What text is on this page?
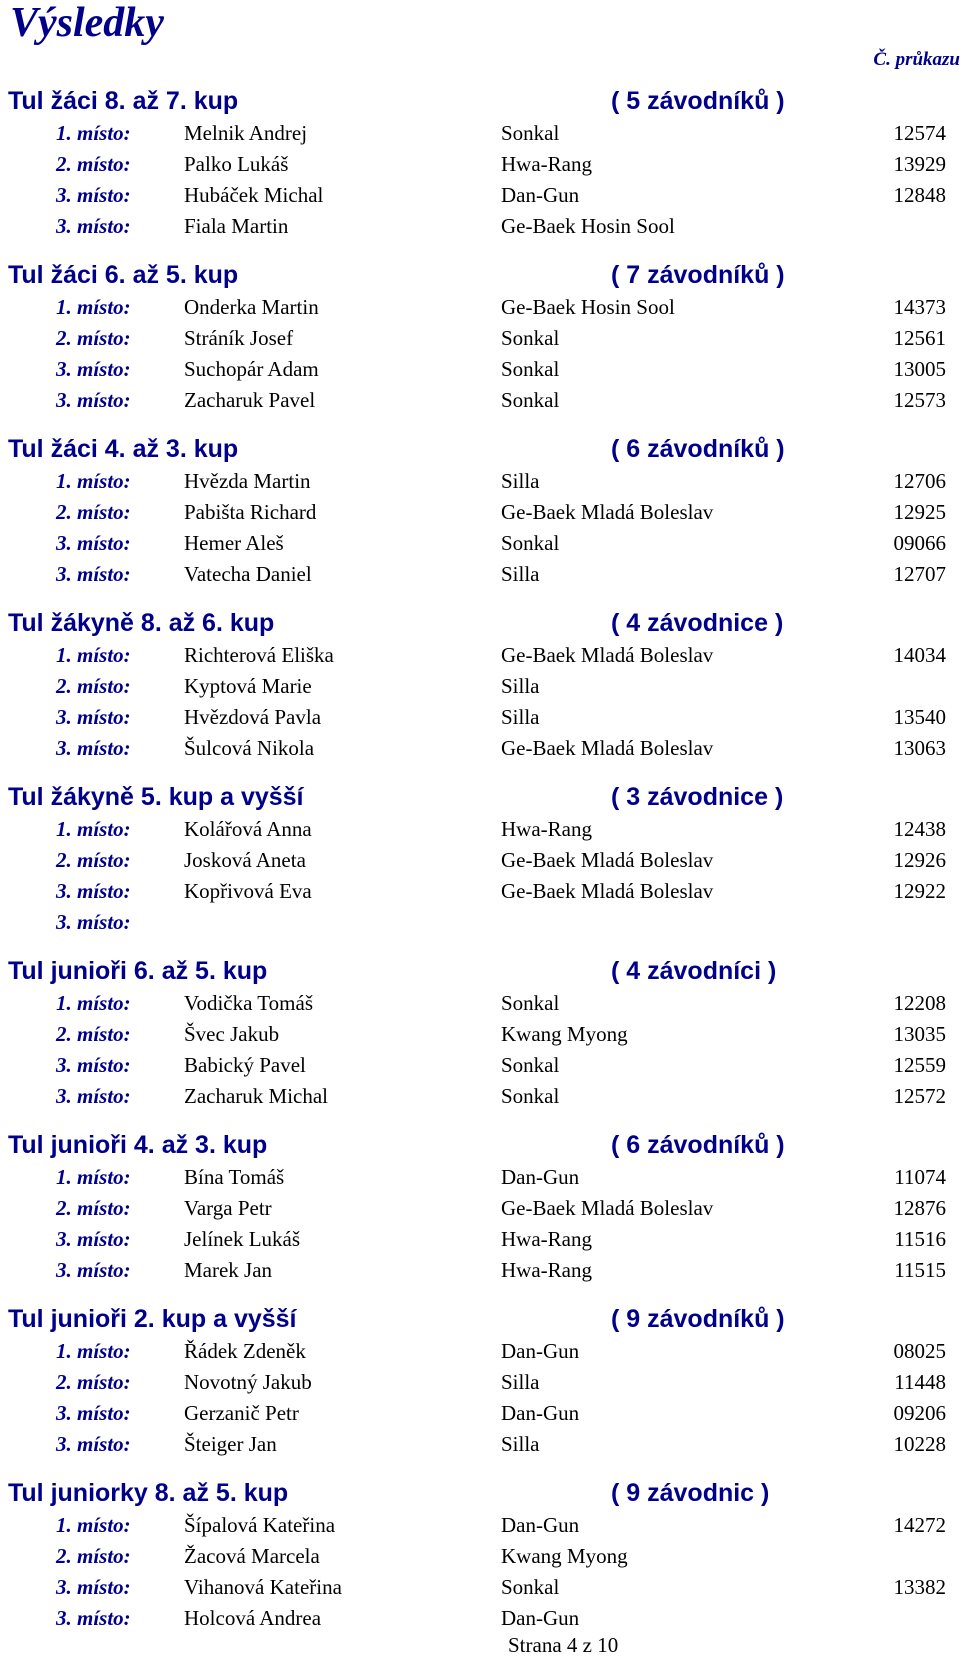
Výsledky
Č. průkazu
Tul žáci 8. až 7. kup	( 5 závodníků )
1. místo:	Melnik Andrej	Sonkal	12574
2. místo:	Palko Lukáš	Hwa-Rang	13929
3. místo:	Hubáček Michal	Dan-Gun	12848
3. místo:	Fiala Martin	Ge-Baek Hosin Sool
Tul žáci 6. až 5. kup	( 7 závodníků )
1. místo:	Onderka Martin	Ge-Baek Hosin Sool	14373
2. místo:	Stráník Josef	Sonkal	12561
3. místo:	Suchopár Adam	Sonkal	13005
3. místo:	Zacharuk Pavel	Sonkal	12573
Tul žáci 4. až 3. kup	( 6 závodníků )
1. místo:	Hvězda Martin	Silla	12706
2. místo:	Pabišta Richard	Ge-Baek Mladá Boleslav	12925
3. místo:	Hemer Aleš	Sonkal	09066
3. místo:	Vatecha Daniel	Silla	12707
Tul žákyně 8. až 6. kup	( 4 závodnice )
1. místo:	Richterová Eliška	Ge-Baek Mladá Boleslav	14034
2. místo:	Kyptová Marie	Silla
3. místo:	Hvězdová Pavla	Silla	13540
3. místo:	Šulcová Nikola	Ge-Baek Mladá Boleslav	13063
Tul žákyně 5. kup a vyšší	( 3 závodnice )
1. místo:	Kolářová Anna	Hwa-Rang	12438
2. místo:	Josková Aneta	Ge-Baek Mladá Boleslav	12926
3. místo:	Kopřivová Eva	Ge-Baek Mladá Boleslav	12922
3. místo:
Tul junioři 6. až 5. kup	( 4 závodníci )
1. místo:	Vodička Tomáš	Sonkal	12208
2. místo:	Švec Jakub	Kwang Myong	13035
3. místo:	Babický Pavel	Sonkal	12559
3. místo:	Zacharuk Michal	Sonkal	12572
Tul junioři 4. až 3. kup	( 6 závodníků )
1. místo:	Bína Tomáš	Dan-Gun	11074
2. místo:	Varga Petr	Ge-Baek Mladá Boleslav	12876
3. místo:	Jelínek Lukáš	Hwa-Rang	11516
3. místo:	Marek Jan	Hwa-Rang	11515
Tul junioři 2. kup a vyšší	( 9 závodníků )
1. místo:	Řádek Zdeněk	Dan-Gun	08025
2. místo:	Novotný Jakub	Silla	11448
3. místo:	Gerzanič Petr	Dan-Gun	09206
3. místo:	Šteiger Jan	Silla	10228
Tul juniorky 8. až 5. kup	( 9 závodnic )
1. místo:	Šípalová Kateřina	Dan-Gun	14272
2. místo:	Žacová Marcela	Kwang Myong
3. místo:	Vihanová Kateřina	Sonkal	13382
3. místo:	Holcová Andrea	Dan-Gun
Strana 4 z 10
